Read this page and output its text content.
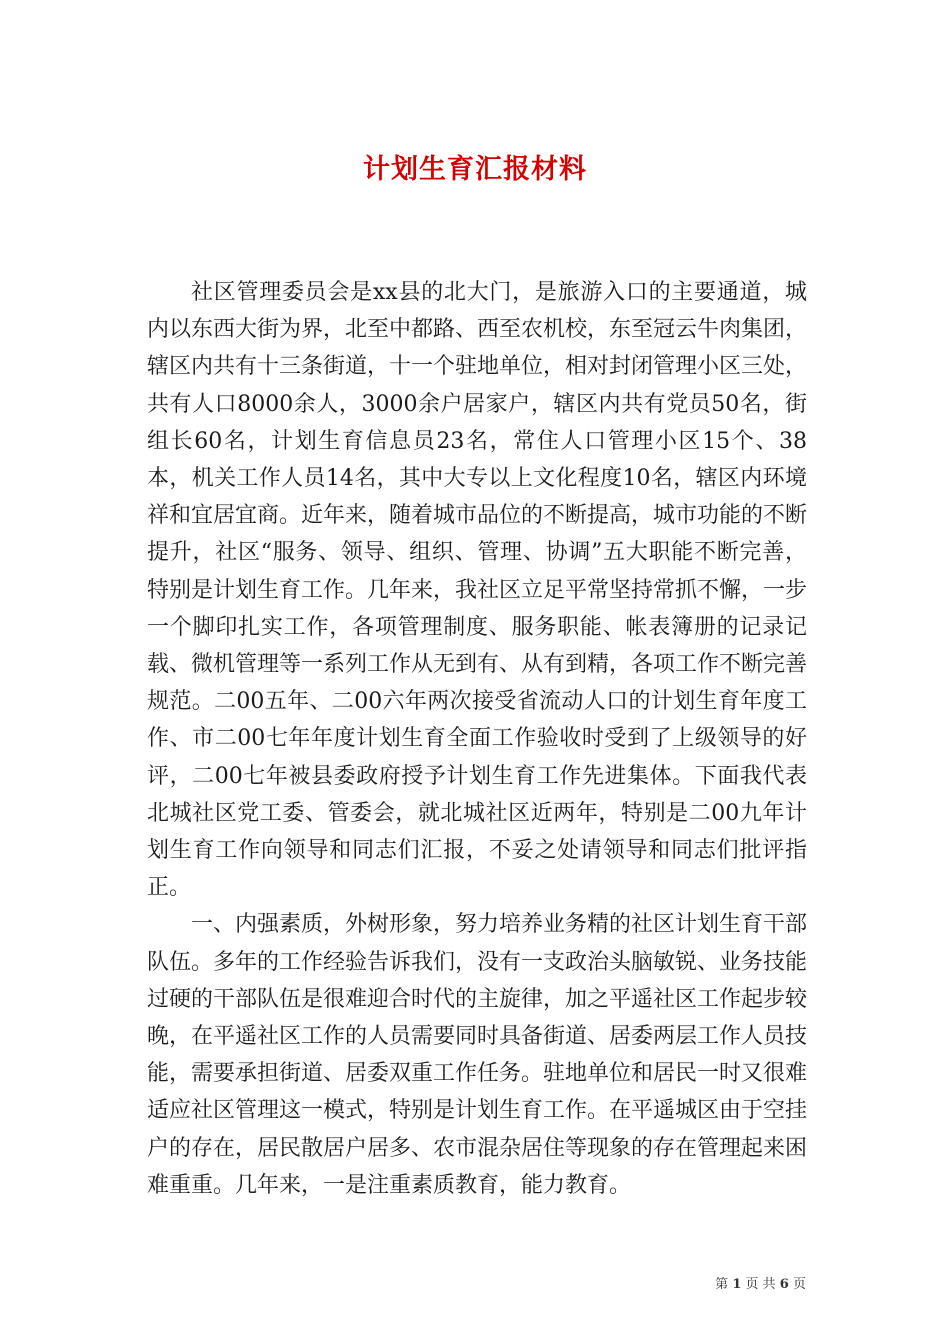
计划生育汇报材料

社区管理委员会是xx县的北大门，是旅游入口的主要通道，城内以东西大街为界，北至中都路、西至农机校，东至冠云牛肉集团，辖区内共有十三条街道，十一个驻地单位，相对封闭管理小区三处，共有人口8000余人，3000余户居家户，辖区内共有党员50名，街组长60名，计划生育信息员23名，常住人口管理小区15个、38本，机关工作人员14名，其中大专以上文化程度10名，辖区内环境祥和宜居宜商。近年来，随着城市品位的不断提高，城市功能的不断提升，社区“服务、领导、组织、管理、协调”五大职能不断完善，特别是计划生育工作。几年来，我社区立足平常坚持常抓不懈，一步一个脚印扎实工作，各项管理制度、服务职能、帐表簿册的记录记载、微机管理等一系列工作从无到有、从有到精，各项工作不断完善规范。二00五年、二00六年两次接受省流动人口的计划生育年度工作、市二00七年年度计划生育全面工作验收时受到了上级领导的好评，二00七年被县委政府授予计划生育工作先进集体。下面我代表北城社区党工委、管委会，就北城社区近两年，特别是二00九年计划生育工作向领导和同志们汇报，不妥之处请领导和同志们批评指正。

一、内强素质，外树形象，努力培养业务精的社区计划生育干部队伍。多年的工作经验告诉我们，没有一支政治头脑敏锐、业务技能过硬的干部队伍是很难迎合时代的主旋律，加之平遥社区工作起步较晚，在平遥社区工作的人员需要同时具备街道、居委两层工作人员技能，需要承担街道、居委双重工作任务。驻地单位和居民一时又很难适应社区管理这一模式，特别是计划生育工作。在平遥城区由于空挂户的存在，居民散居户居多、农市混杂居住等现象的存在管理起来困难重重。几年来，一是注重素质教育，能力教育。

第 1 页 共 6 页
